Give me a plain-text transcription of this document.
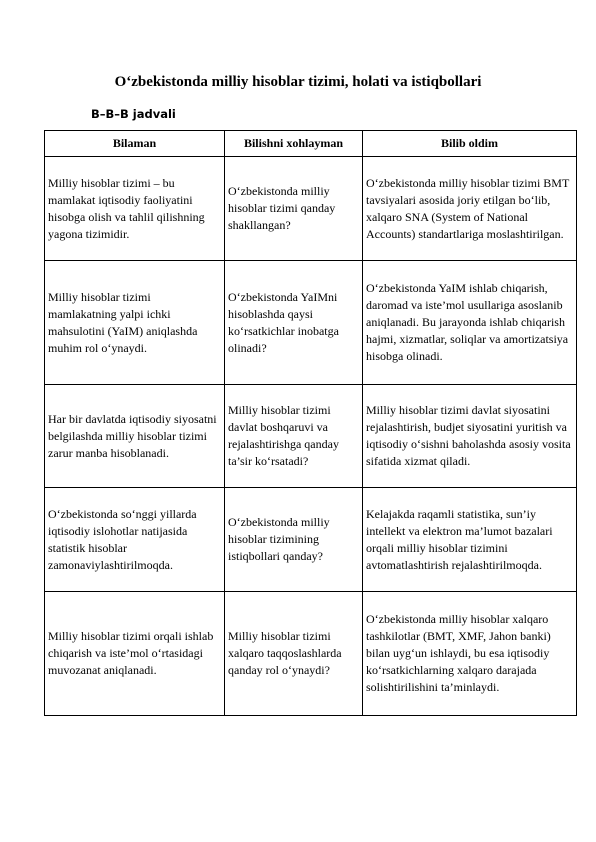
O‘zbekistonda milliy hisoblar tizimi, holati va istiqbollari
B–B–B jadvali
Bilaman	Bilishni xohlayman	Bilib oldim
Milliy hisoblar tizimi – bu mamlakat iqtisodiy faoliyatini hisobga olish va tahlil qilishning yagona tizimidir.	O‘zbekistonda milliy hisoblar tizimi qanday shakllangan?	O‘zbekistonda milliy hisoblar tizimi BMT tavsiyalari asosida joriy etilgan bo‘lib, xalqaro SNA (System of National Accounts) standartlariga moslashtirilgan.
Milliy hisoblar tizimi mamlakatning yalpi ichki mahsulotini (YaIM) aniqlashda muhim rol o‘ynaydi.	O‘zbekistonda YaIMni hisoblashda qaysi ko‘rsatkichlar inobatga olinadi?	O‘zbekistonda YaIM ishlab chiqarish, daromad va iste’mol usullariga asoslanib aniqlanadi. Bu jarayonda ishlab chiqarish hajmi, xizmatlar, soliqlar va amortizatsiya hisobga olinadi.
Har bir davlatda iqtisodiy siyosatni belgilashda milliy hisoblar tizimi zarur manba hisoblanadi.	Milliy hisoblar tizimi davlat boshqaruvi va rejalashtirishga qanday ta’sir ko‘rsatadi?	Milliy hisoblar tizimi davlat siyosatini rejalashtirish, budjet siyosatini yuritish va iqtisodiy o‘sishni baholashda asosiy vosita sifatida xizmat qiladi.
O‘zbekistonda so‘nggi yillarda iqtisodiy islohotlar natijasida statistik hisoblar zamonaviylashtirilmoqda.	O‘zbekistonda milliy hisoblar tizimining istiqbollari qanday?	Kelajakda raqamli statistika, sun’iy intellekt va elektron ma’lumot bazalari orqali milliy hisoblar tizimini avtomatlashtirish rejalashtirilmoqda.
Milliy hisoblar tizimi orqali ishlab chiqarish va iste’mol o‘rtasidagi muvozanat aniqlanadi.	Milliy hisoblar tizimi xalqaro taqqoslashlarda qanday rol o‘ynaydi?	O‘zbekistonda milliy hisoblar xalqaro tashkilotlar (BMT, XMF, Jahon banki) bilan uyg‘un ishlaydi, bu esa iqtisodiy ko‘rsatkichlarning xalqaro darajada solishtirilishini ta’minlaydi.
